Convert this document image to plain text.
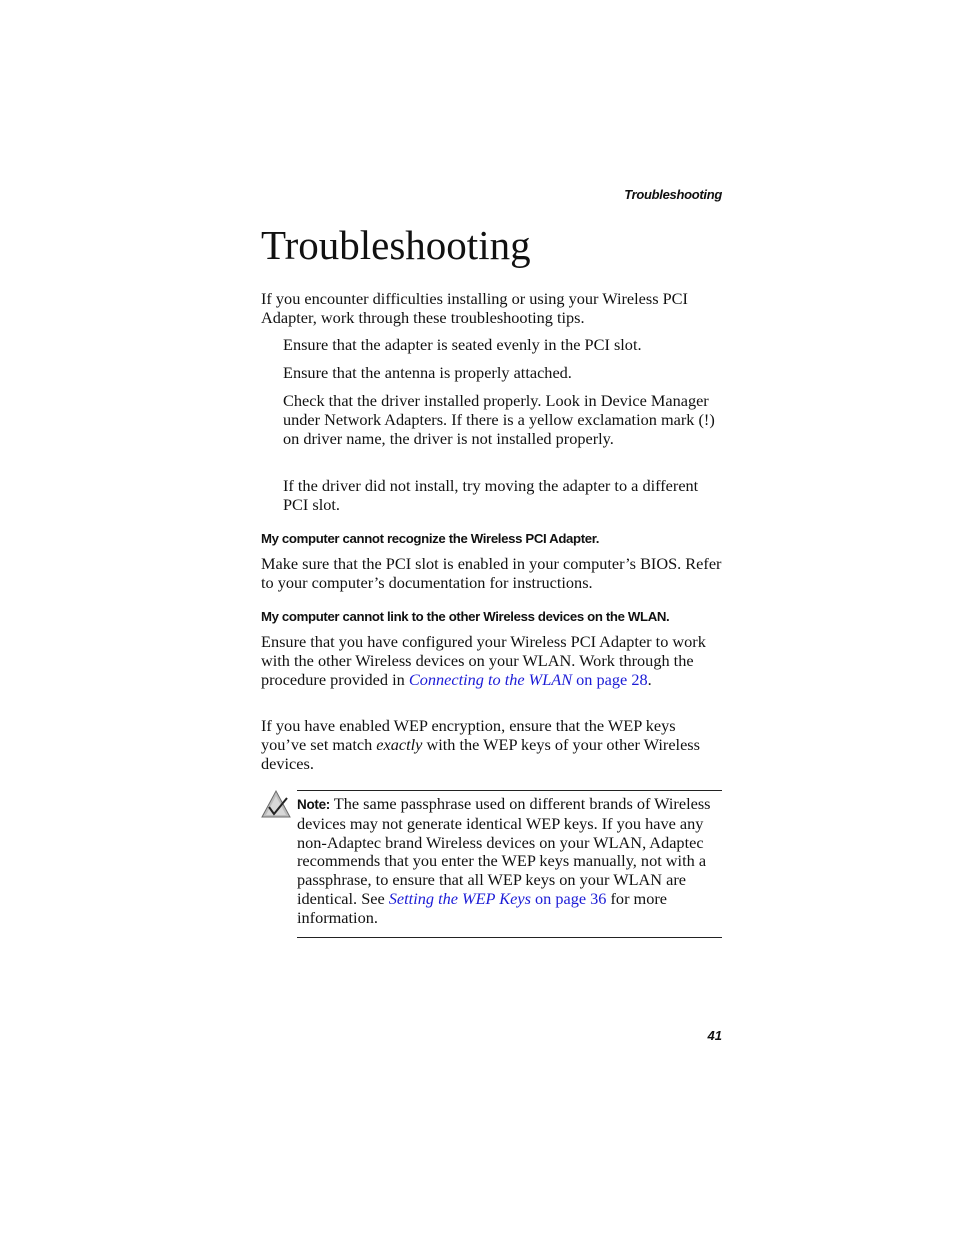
Troubleshooting
Troubleshooting

If you encounter difficulties installing or using your Wireless PCI Adapter, work through these troubleshooting tips.

Ensure that the adapter is seated evenly in the PCI slot.

Ensure that the antenna is properly attached.

Check that the driver installed properly. Look in Device Manager under Network Adapters. If there is a yellow exclamation mark (!) on driver name, the driver is not installed properly.

If the driver did not install, try moving the adapter to a different PCI slot.

My computer cannot recognize the Wireless PCI Adapter.

Make sure that the PCI slot is enabled in your computer’s BIOS. Refer to your computer’s documentation for instructions.

My computer cannot link to the other Wireless devices on the WLAN.

Ensure that you have configured your Wireless PCI Adapter to work with the other Wireless devices on your WLAN. Work through the procedure provided in Connecting to the WLAN on page 28.

If you have enabled WEP encryption, ensure that the WEP keys you’ve set match exactly with the WEP keys of your other Wireless devices.

Note: The same passphrase used on different brands of Wireless devices may not generate identical WEP keys. If you have any non-Adaptec brand Wireless devices on your WLAN, Adaptec recommends that you enter the WEP keys manually, not with a passphrase, to ensure that all WEP keys on your WLAN are identical. See Setting the WEP Keys on page 36 for more information.

41
